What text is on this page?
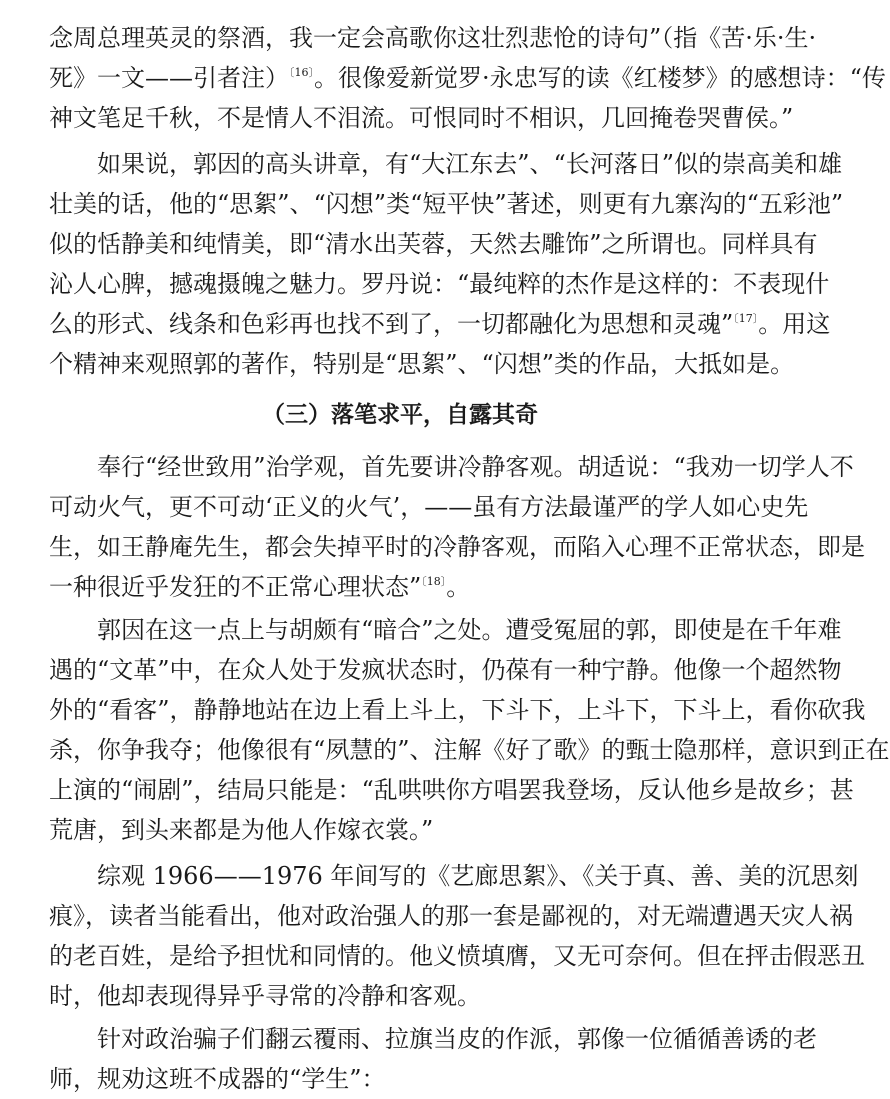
念周总理英灵的祭酒，我一定会高歌你这壮烈悲怆的诗句”（指《苦·乐·生·
死》一文——引者注）$^{〔16〕}$。很像爱新觉罗·永忠写的读《红楼梦》的感想诗：“传
神文笔足千秋，不是情人不泪流。可恨同时不相识，几回掩卷哭曹侯。”
如果说，郭因的高头讲章，有“大江东去”、“长河落日”似的崇高美和雄
壮美的话，他的“思絮”、“闪想”类“短平快”著述，则更有九寨沟的“五彩池”
似的恬静美和纯情美，即“清水出芙蓉，天然去雕饰”之所谓也。同样具有
沁人心脾，撼魂摄魄之魅力。罗丹说：“最纯粹的杰作是这样的：不表现什
么的形式、线条和色彩再也找不到了，一切都融化为思想和灵魂”$^{〔17〕}$。用这
个精神来观照郭的著作，特别是“思絮”、“闪想”类的作品，大抵如是。
（三）落笔求平，自露其奇
奉行“经世致用”治学观，首先要讲冷静客观。胡适说：“我劝一切学人不
可动火气，更不可动‘正义的火气’，——虽有方法最谨严的学人如心史先
生，如王静庵先生，都会失掉平时的冷静客观，而陷入心理不正常状态，即是
一种很近乎发狂的不正常心理状态”$^{〔18〕}$。
郭因在这一点上与胡颇有“暗合”之处。遭受冤屈的郭，即使是在千年难
遇的“文革”中，在众人处于发疯状态时，仍葆有一种宁静。他像一个超然物
外的“看客”，静静地站在边上看上斗上，下斗下，上斗下，下斗上，看你砍我
杀，你争我夺；他像很有“夙慧的”、注解《好了歌》的甄士隐那样，意识到正在
上演的“闹剧”，结局只能是：“乱哄哄你方唱罢我登场，反认他乡是故乡；甚
荒唐，到头来都是为他人作嫁衣裳。”
综观 1966——1976 年间写的《艺廊思絮》、《关于真、善、美的沉思刻
痕》，读者当能看出，他对政治强人的那一套是鄙视的，对无端遭遇天灾人祸
的老百姓，是给予担忧和同情的。他义愤填膺，又无可奈何。但在抨击假恶丑
时，他却表现得异乎寻常的冷静和客观。
针对政治骗子们翻云覆雨、拉旗当皮的作派，郭像一位循循善诱的老
师，规劝这班不成器的“学生”：
